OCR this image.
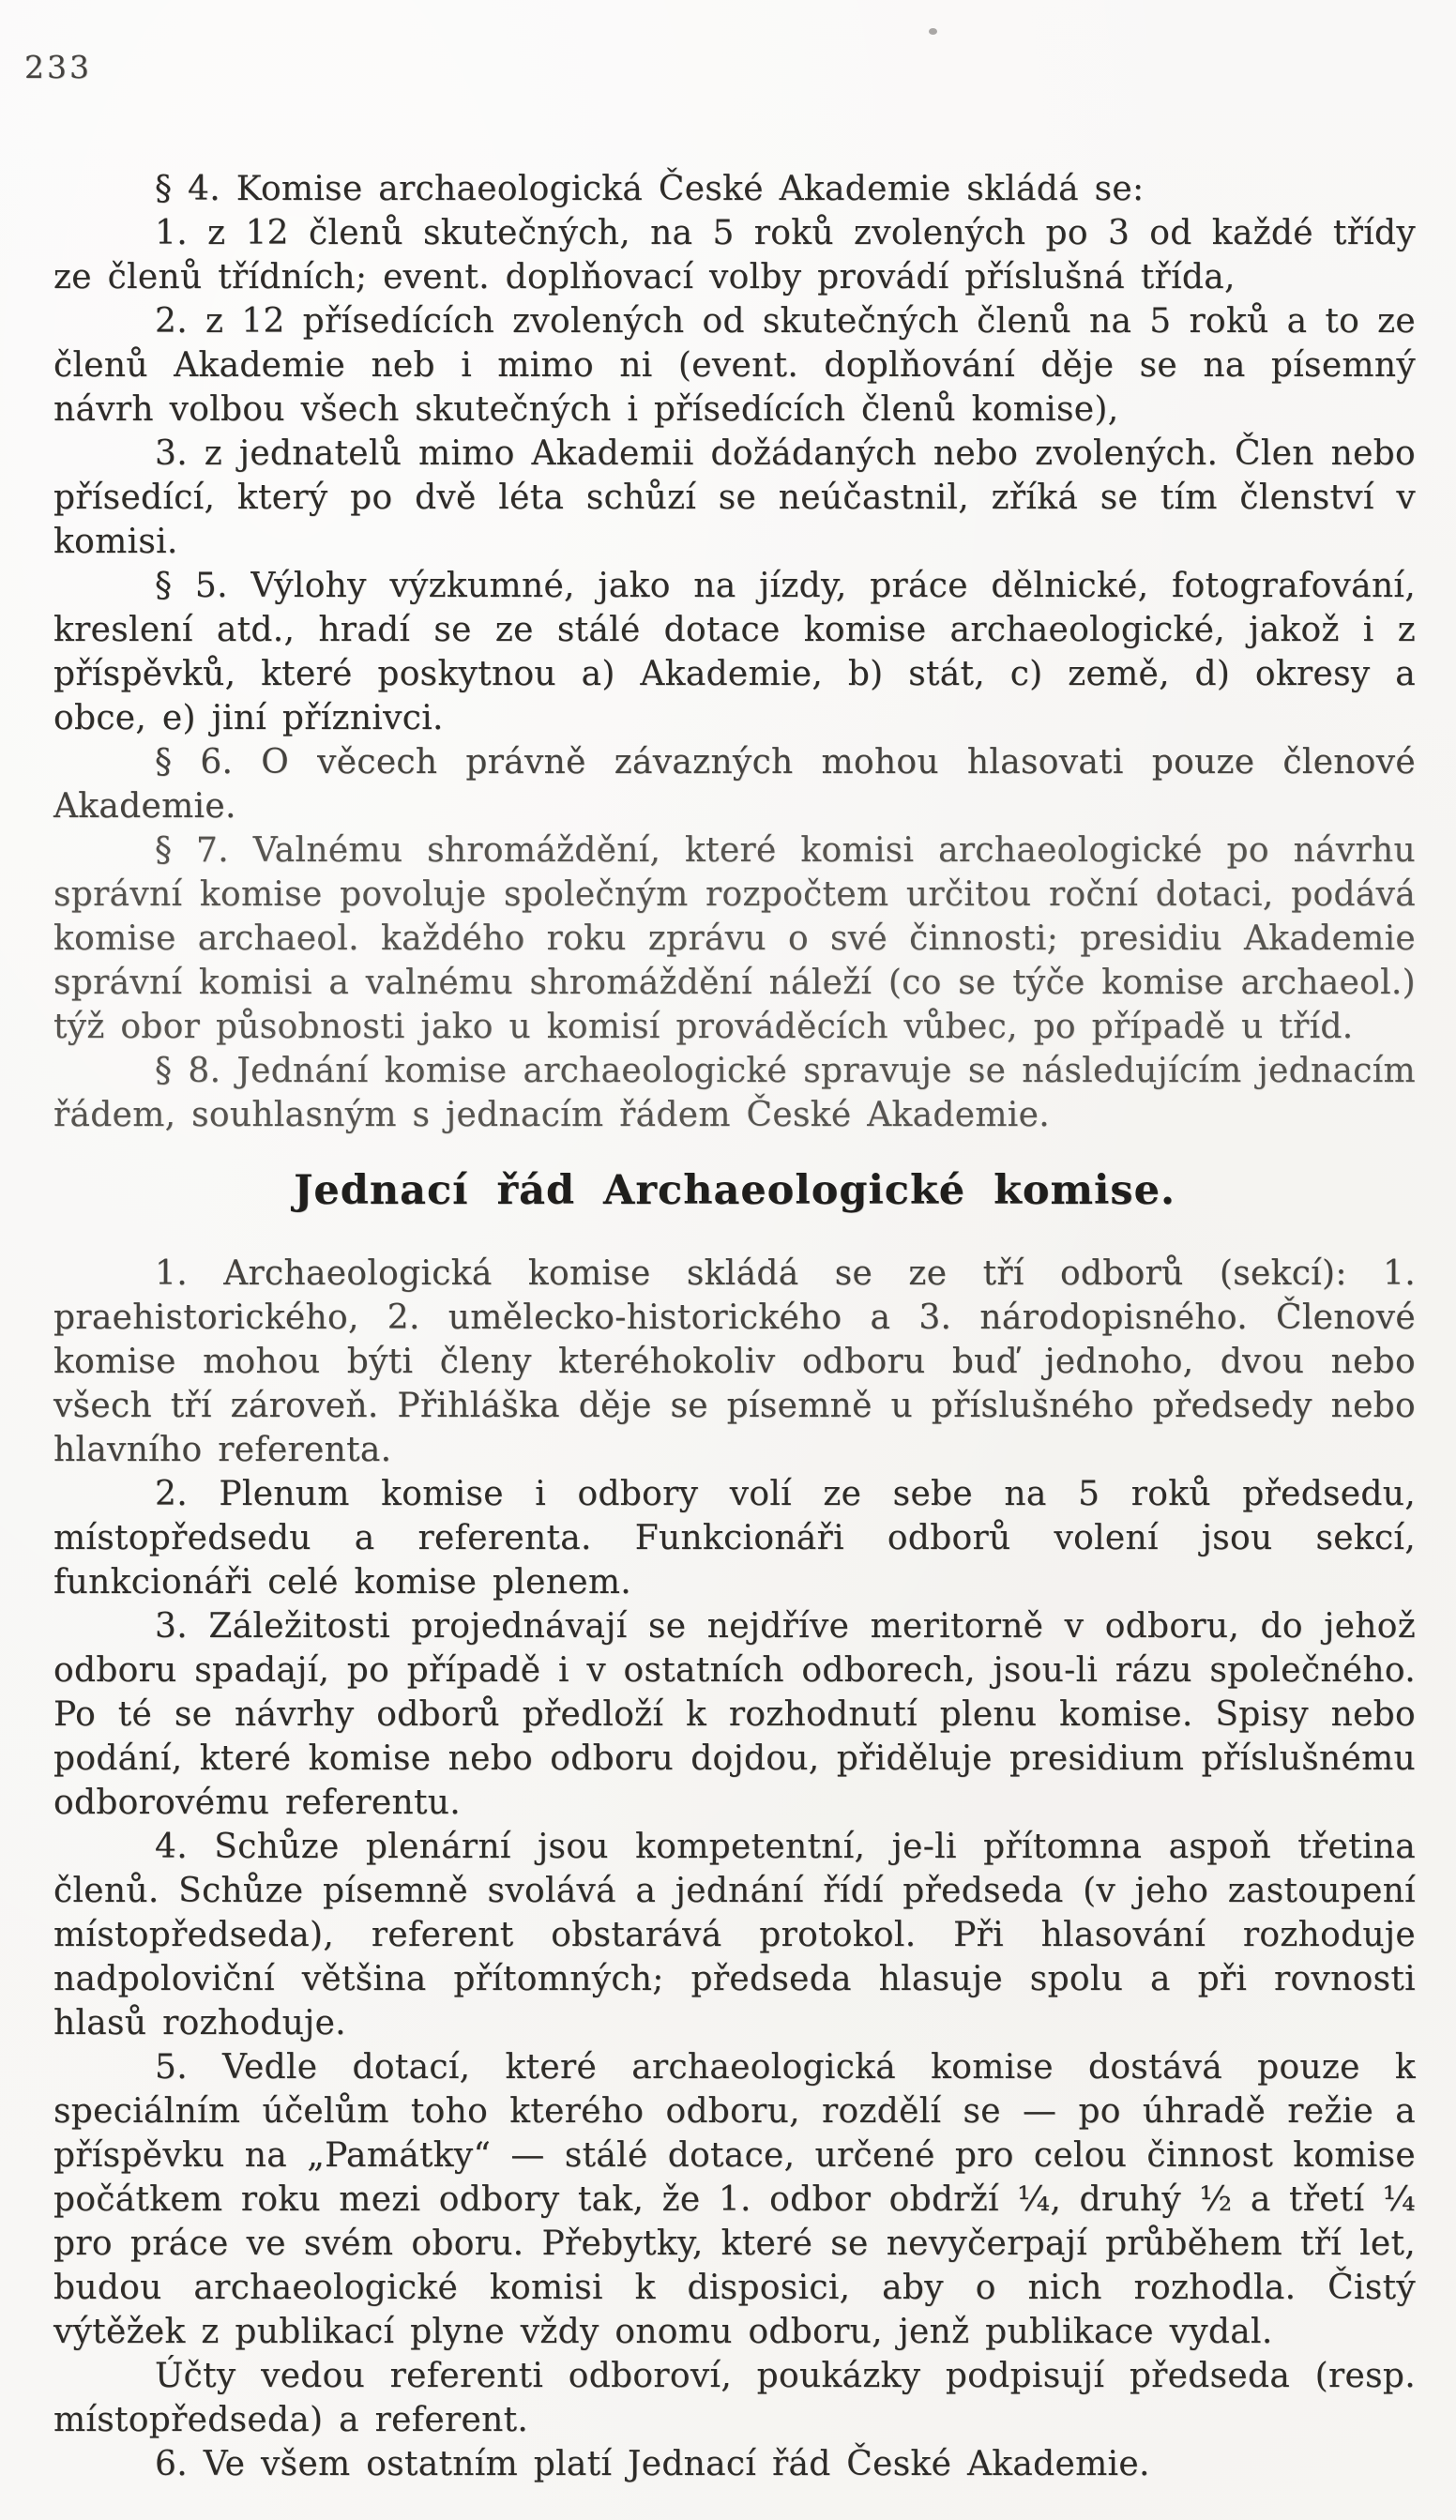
233

§ 4. Komise archaeologická České Akademie skládá se:

1. z 12 členů skutečných, na 5 roků zvolených po 3 od každé třídy ze členů třídních; event. doplňovací volby provádí příslušná třída,

2. z 12 přísedících zvolených od skutečných členů na 5 roků a to ze členů Akademie neb i mimo ni (event. doplňování děje se na písemný návrh volbou všech skutečných i přísedících členů komise),

3. z jednatelů mimo Akademii dožádaných nebo zvolených. Člen nebo přísedící, který po dvě léta schůzí se neúčastnil, zříká se tím členství v komisi.

§ 5. Výlohy výzkumné, jako na jízdy, práce dělnické, fotografování, kreslení atd., hradí se ze stálé dotace komise archaeologické, jakož i z příspěvků, které poskytnou a) Akademie, b) stát, c) země, d) okresy a obce, e) jiní příznivci.

§ 6. O věcech právně závazných mohou hlasovati pouze členové Akademie.

§ 7. Valnému shromáždění, které komisi archaeologické po návrhu správní komise povoluje společným rozpočtem určitou roční dotaci, podává komise archaeol. každého roku zprávu o své činnosti; presidiu Akademie správní komisi a valnému shromáždění náleží (co se týče komise archaeol.) týž obor působnosti jako u komisí prováděcích vůbec, po případě u tříd.

§ 8. Jednání komise archaeologické spravuje se následujícím jednacím řádem, souhlasným s jednacím řádem České Akademie.

Jednací řád Archaeologické komise.

1. Archaeologická komise skládá se ze tří odborů (sekcí): 1. praehistorického, 2. umělecko-historického a 3. národopisného. Členové komise mohou býti členy kteréhokoliv odboru buď jednoho, dvou nebo všech tří zároveň. Přihláška děje se písemně u příslušného předsedy nebo hlavního referenta.

2. Plenum komise i odbory volí ze sebe na 5 roků předsedu, místopředsedu a referenta. Funkcionáři odborů volení jsou sekcí, funkcionáři celé komise plenem.

3. Záležitosti projednávají se nejdříve meritorně v odboru, do jehož odboru spadají, po případě i v ostatních odborech, jsou-li rázu společného. Po té se návrhy odborů předloží k rozhodnutí plenu komise. Spisy nebo podání, které komise nebo odboru dojdou, přiděluje presidium příslušnému odborovému referentu.

4. Schůze plenární jsou kompetentní, je-li přítomna aspoň třetina členů. Schůze písemně svolává a jednání řídí předseda (v jeho zastoupení místopředseda), referent obstarává protokol. Při hlasování rozhoduje nadpoloviční většina přítomných; předseda hlasuje spolu a při rovnosti hlasů rozhoduje.

5. Vedle dotací, které archaeologická komise dostává pouze k speciálním účelům toho kterého odboru, rozdělí se — po úhradě režie a příspěvku na „Památky“ — stálé dotace, určené pro celou činnost komise počátkem roku mezi odbory tak, že 1. odbor obdrží ¼, druhý ½ a třetí ¼ pro práce ve svém oboru. Přebytky, které se nevyčerpají průběhem tří let, budou archaeologické komisi k disposici, aby o nich rozhodla. Čistý výtěžek z publikací plyne vždy onomu odboru, jenž publikace vydal.

Účty vedou referenti odboroví, poukázky podpisují předseda (resp. místopředseda) a referent.

6. Ve všem ostatním platí Jednací řád České Akademie.
